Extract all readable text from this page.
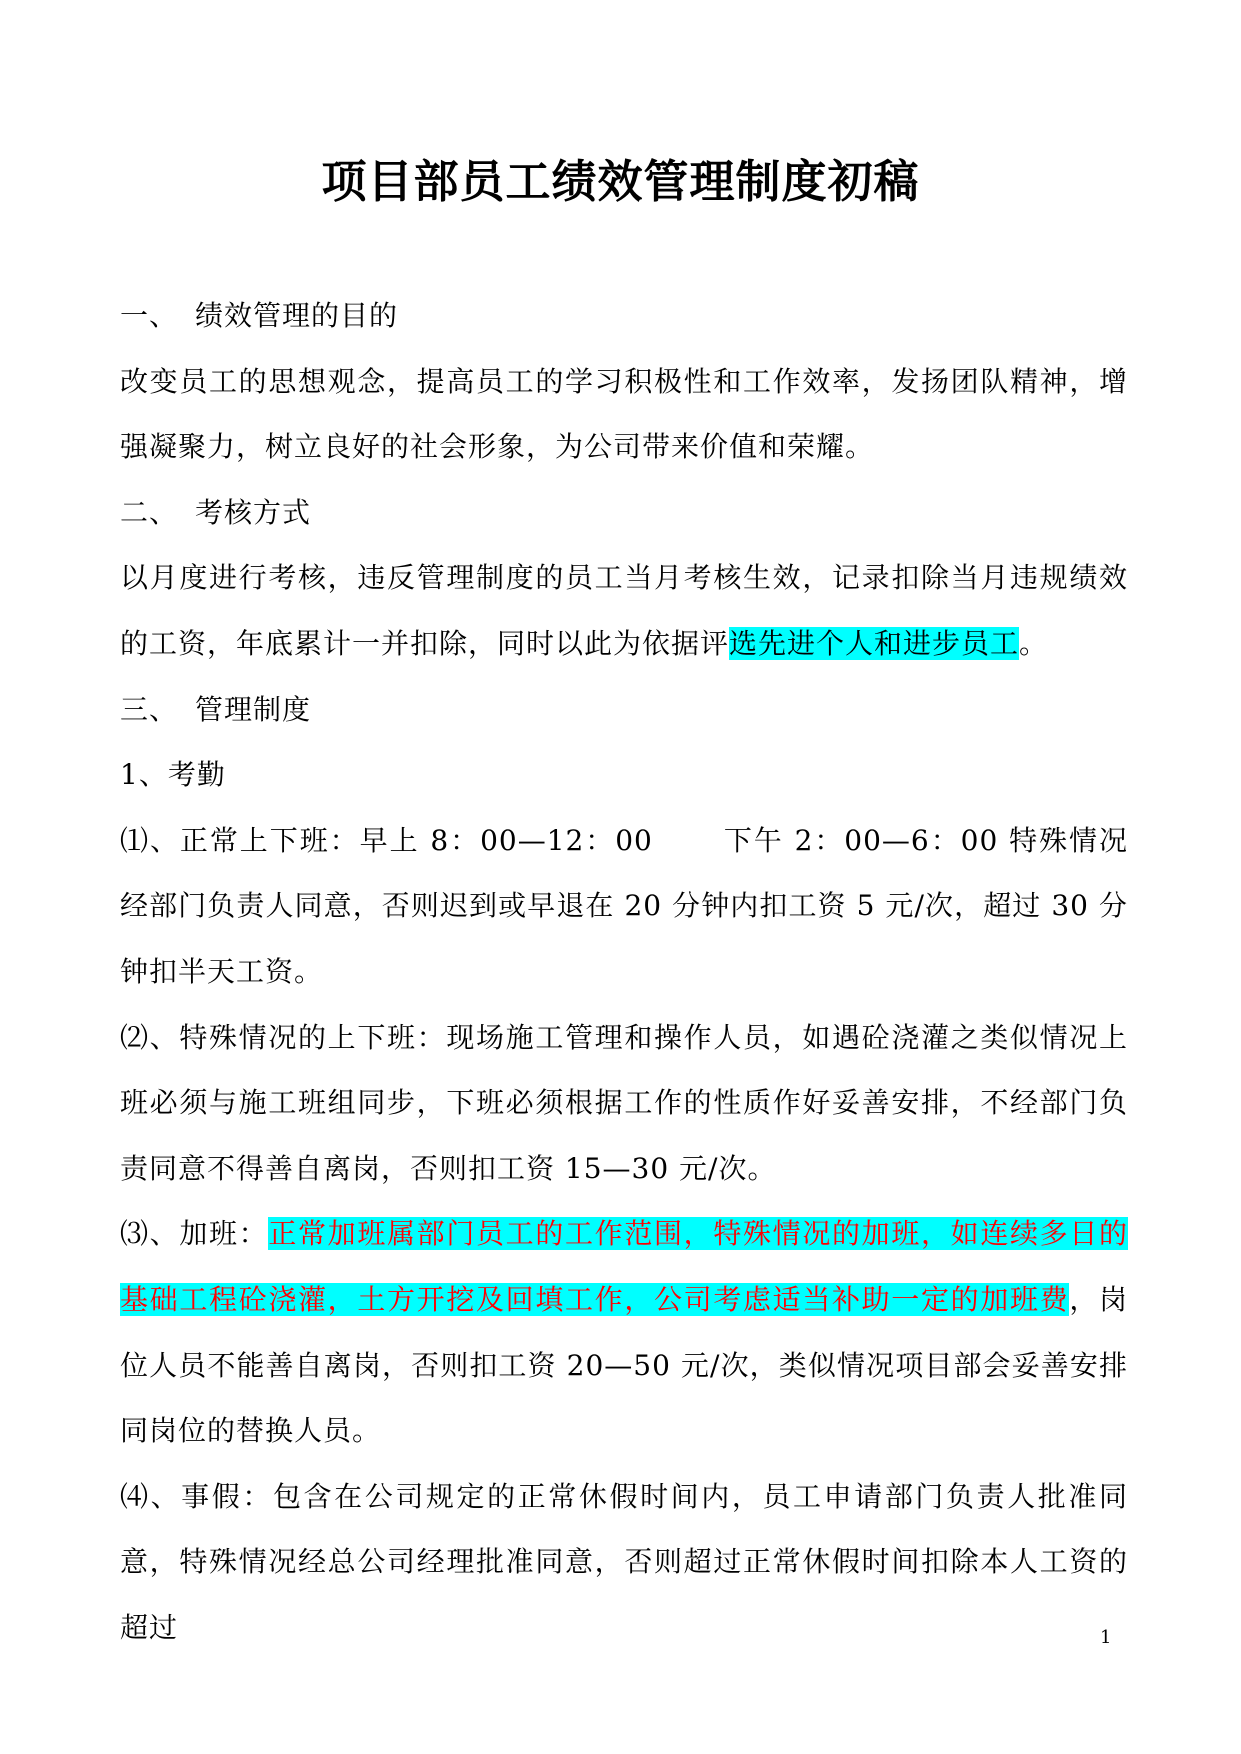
项目部员工绩效管理制度初稿

一、 绩效管理的目的

改变员工的思想观念，提高员工的学习积极性和工作效率，发扬团队精神，增强凝聚力，树立良好的社会形象，为公司带来价值和荣耀。

二、 考核方式

以月度进行考核，违反管理制度的员工当月考核生效，记录扣除当月违规绩效的工资，年底累计一并扣除，同时以此为依据评选先进个人和进步员工。

三、 管理制度

1、考勤

⑴、正常上下班：早上 8：00—12：00	下午 2：00—6：00 特殊情况经部门负责人同意，否则迟到或早退在 20 分钟内扣工资 5 元/次，超过 30 分钟扣半天工资。

⑵、特殊情况的上下班：现场施工管理和操作人员，如遇砼浇灌之类似情况上班必须与施工班组同步，下班必须根据工作的性质作好妥善安排，不经部门负责同意不得善自离岗，否则扣工资 15—30 元/次。

⑶、加班：正常加班属部门员工的工作范围，特殊情况的加班，如连续多日的基础工程砼浇灌，土方开挖及回填工作，公司考虑适当补助一定的加班费，岗位人员不能善自离岗，否则扣工资 20—50 元/次，类似情况项目部会妥善安排同岗位的替换人员。

⑷、事假：包含在公司规定的正常休假时间内，员工申请部门负责人批准同意，特殊情况经总公司经理批准同意，否则超过正常休假时间扣除本人工资的超过	1
